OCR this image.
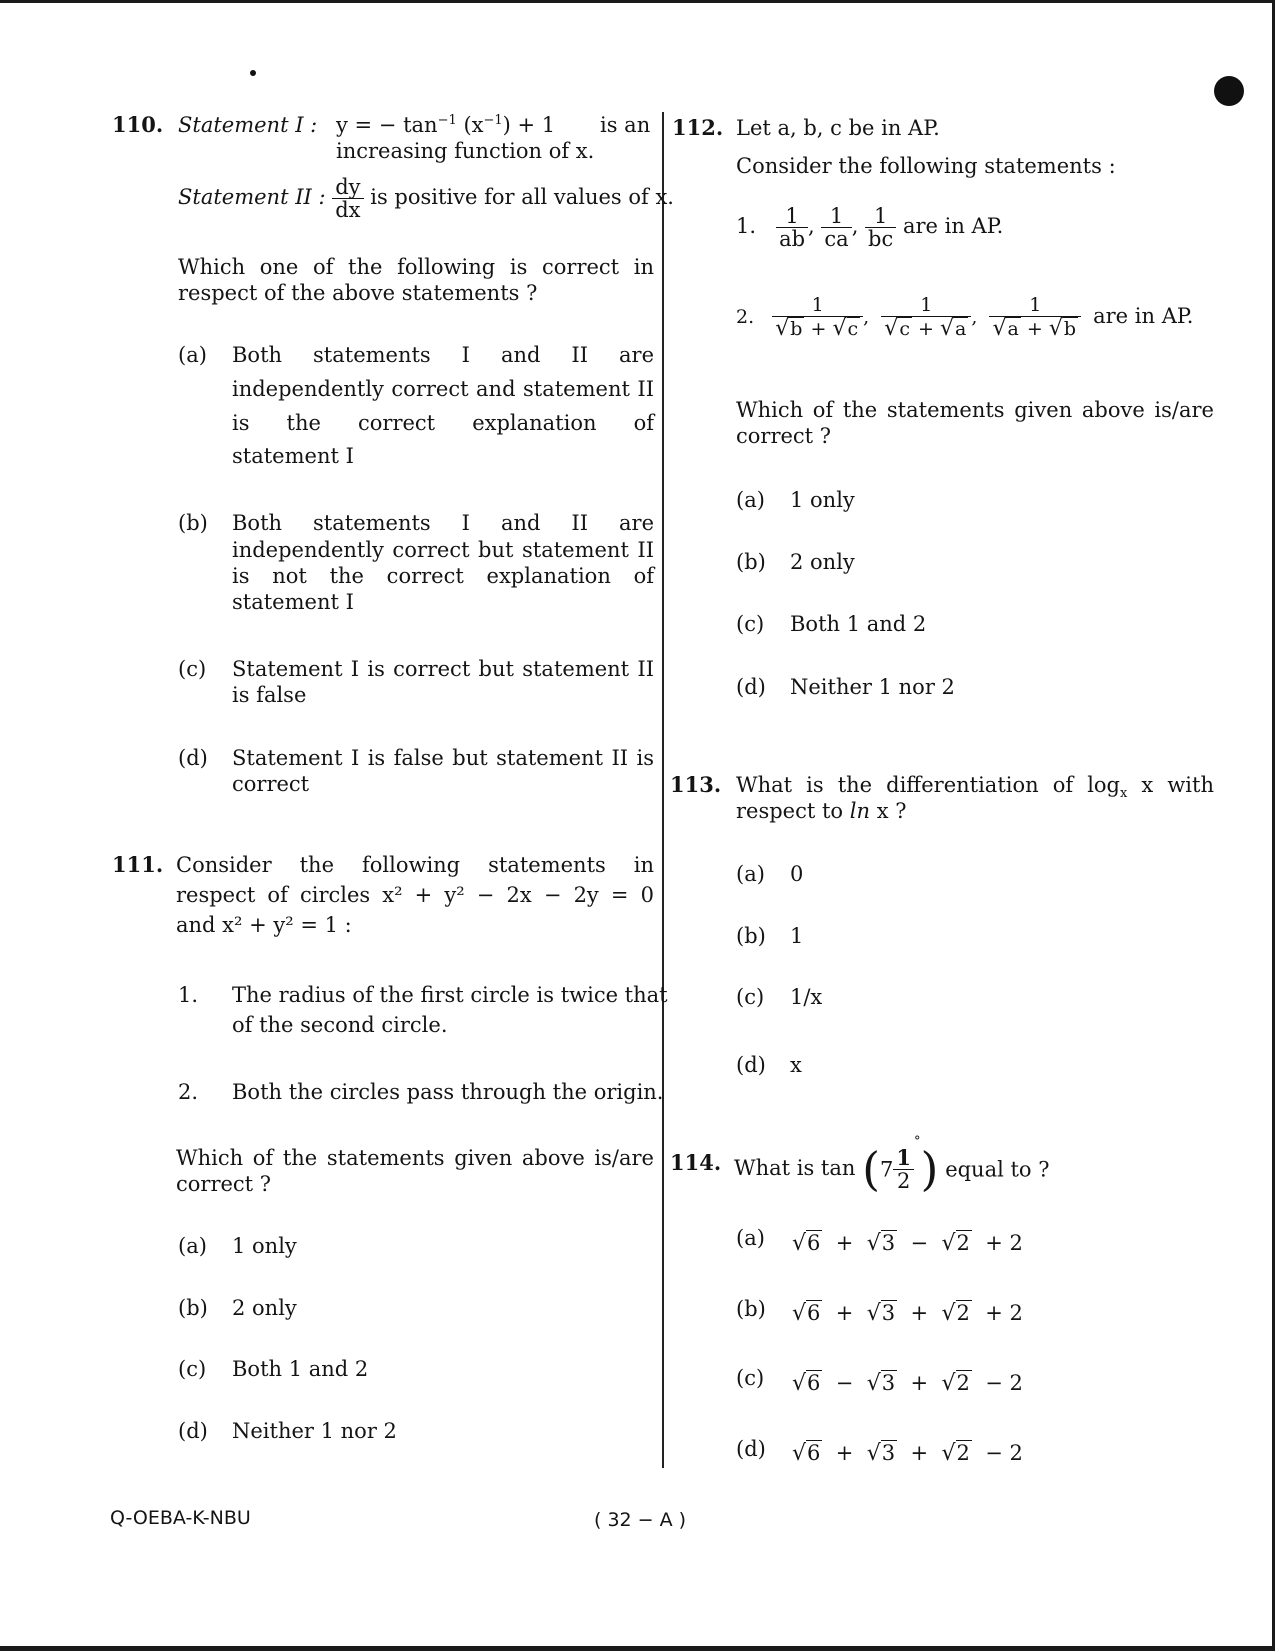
110. Statement I : y = − $\tan^{-1} (x^{-1}) + 1$ is an
increasing function of x.
Statement II : $\frac{dy}{dx}$ is positive for all values of x.
Which one of the following is correct in
respect of the above statements ?
(a) Both statements I and II are
independently correct and statement II
is the correct explanation of
statement I
(b) Both statements I and II are
independently correct but statement II
is not the correct explanation of
statement I
(c) Statement I is correct but statement II
is false
(d) Statement I is false but statement II is
correct
111. Consider the following statements in
respect of circles x² + y² − 2x − 2y = 0
and x² + y² = 1 :
1. The radius of the first circle is twice that
of the second circle.
2. Both the circles pass through the origin.
Which of the statements given above is/are
correct ?
(a) 1 only
(b) 2 only
(c) Both 1 and 2
(d) Neither 1 nor 2
112. Let a, b, c be in AP.
Consider the following statements :
1. $\frac{1}{ab}$ , $\frac{1}{ca}$ , $\frac{1}{bc}$ are in AP.
2. $\frac{1}{√b + √c}$ , $\frac{1}{√c + √a}$ , $\frac{1}{√a + √b}$ are in AP.
Which of the statements given above is/are
correct ?
(a) 1 only
(b) 2 only
(c) Both 1 and 2
(d) Neither 1 nor 2
113. What is the differentiation of $\log_x x$ with
respect to ln x ?
(a) 0
(b) 1
(c) 1/x
(d) x
114. What is $\tan (7 \frac{1}{2}$
°) equal to ?
(a) √6 + √3 − √2 + 2
(b) √6 + √3 + √2 + 2
(c) √6 − √3 + √2 − 2
(d) √6 + √3 + √2 − 2
Q-OEBA-K-NBU	( 32 − A )
